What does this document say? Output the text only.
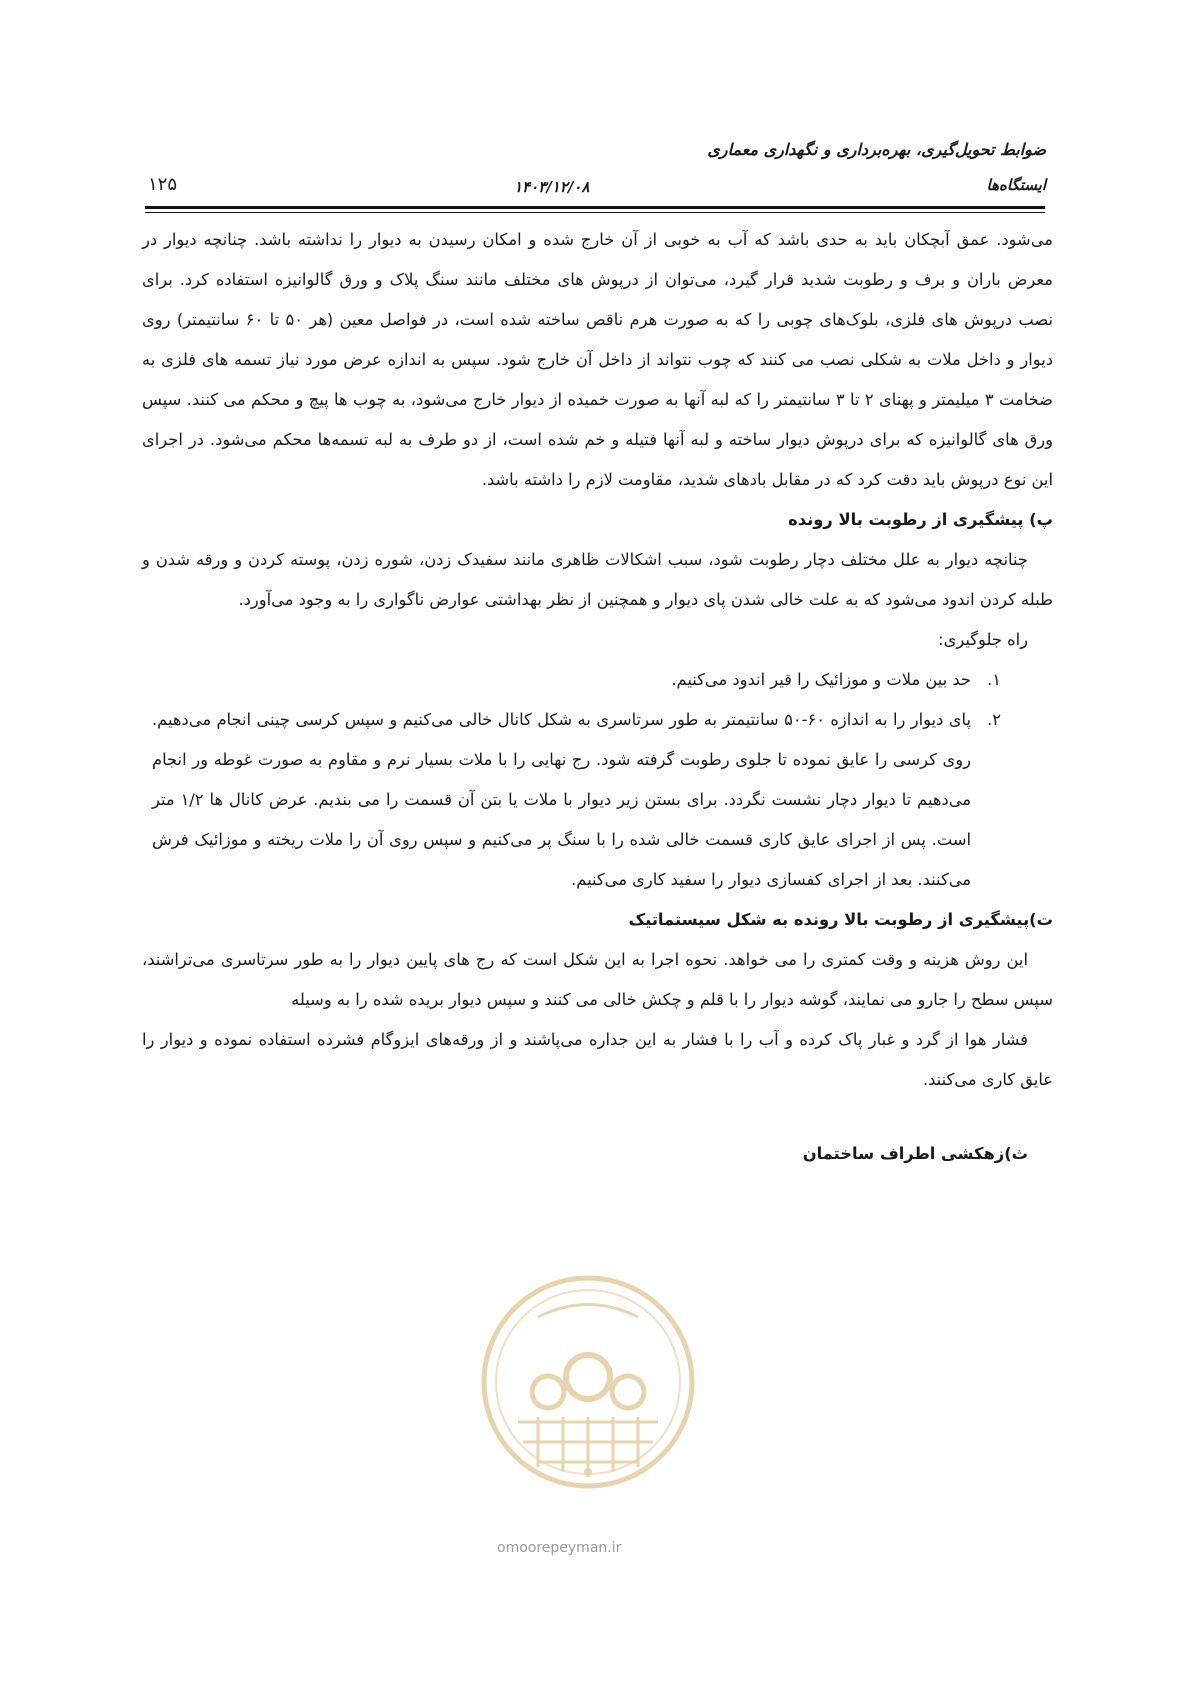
ضوابط تحویل‌گیری، بهره‌برداری و نگهداری معماری
ایستگاه‌ها
۱۴۰۳/۱۲/۰۸
۱۲۵

می‌شود. عمق آبچکان باید به حدی باشد که آب به خوبی از آن خارج شده و امکان رسیدن به دیوار را نداشته باشد. چنانچه دیوار در معرض باران و برف و رطوبت شدید قرار گیرد، می‌توان از درپوش های مختلف مانند سنگ پلاک و ورق گالوانیزه استفاده کرد. برای نصب درپوش های فلزی، بلوک‌های چوبی را که به صورت هرم ناقص ساخته شده است، در فواصل معین (هر ۵۰ تا ۶۰ سانتیمتر) روی دیوار و داخل ملات به شکلی نصب می کنند که چوب نتواند از داخل آن خارج شود. سپس به اندازه عرض مورد نیاز تسمه های فلزی به ضخامت ۳ میلیمتر و پهنای ۲ تا ۳ سانتیمتر را که لبه آنها به صورت خمیده از دیوار خارج می‌شود، به چوب ها پیچ و محکم می کنند. سپس ورق های گالوانیزه که برای درپوش دیوار ساخته و لبه آنها فتیله و خم شده است، از دو طرف به لبه تسمه‌ها محکم می‌شود. در اجرای این نوع درپوش باید دقت کرد که در مقابل بادهای شدید، مقاومت لازم را داشته باشد.

پ) پیشگیری از رطوبت بالا رونده

چنانچه دیوار به علل مختلف دچار رطوبت شود، سبب اشکالات ظاهری مانند سفیدک زدن، شوره زدن، پوسته کردن و ورقه شدن و طبله کردن اندود می‌شود که به علت خالی شدن پای دیوار و همچنین از نظر بهداشتی عوارض ناگواری را به وجود می‌آورد.

راه جلوگیری:

۱.
حد بین ملات و موزائیک را قیر اندود می‌کنیم.
۲.
پای دیوار را به اندازه ۶۰-۵۰ سانتیمتر به طور سرتاسری به شکل کانال خالی می‌کنیم و سپس کرسی چینی انجام می‌دهیم. روی کرسی را عایق نموده تا جلوی رطوبت گرفته شود. رج نهایی را با ملات بسیار نرم و مقاوم به صورت غوطه ور انجام می‌دهیم تا دیوار دچار نشست نگردد. برای بستن زیر دیوار با ملات یا بتن آن قسمت را می بندیم. عرض کانال ها ۱/۲ متر است. پس از اجرای عایق کاری قسمت خالی شده را با سنگ پر می‌کنیم و سپس روی آن را ملات ریخته و موزائیک فرش می‌کنند. بعد از اجرای کفسازی دیوار را سفید کاری می‌کنیم.

ت)پیشگیری از رطوبت بالا رونده به شکل سیستماتیک

این روش هزینه و وقت کمتری را می خواهد. نحوه اجرا به این شکل است که رج های پایین دیوار را به طور سرتاسری می‌تراشند، سپس سطح را جارو می نمایند، گوشه دیوار را با قلم و چکش خالی می کنند و سپس دیوار بریده شده را به وسیله

فشار هوا از گرد و غبار پاک کرده و آب را با فشار به این جداره می‌پاشند و از ورقه‌های ایزوگام فشرده استفاده نموده و دیوار را عایق کاری می‌کنند.

ث)زهکشی اطراف ساختمان

omoorepeyman.ir
